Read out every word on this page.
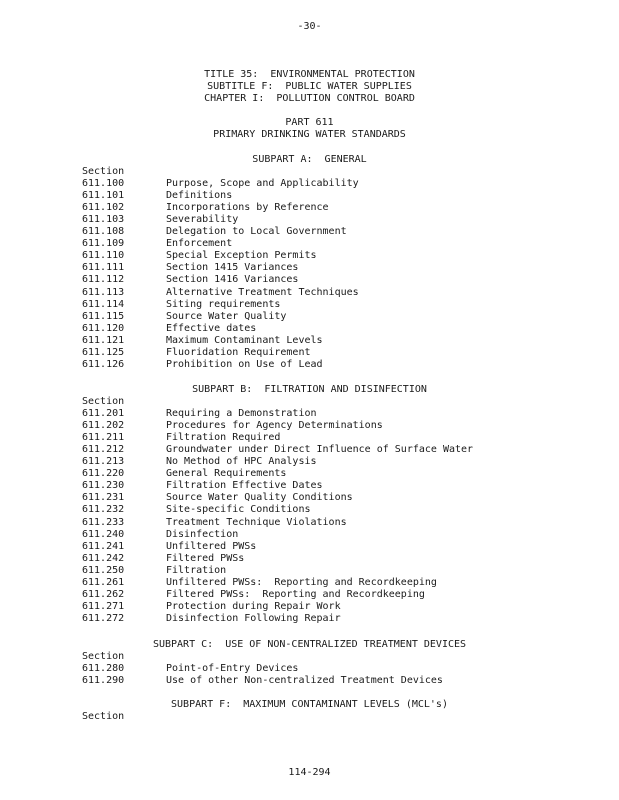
-30-
TITLE 35:  ENVIRONMENTAL PROTECTION
SUBTITLE F:  PUBLIC WATER SUPPLIES
CHAPTER I:  POLLUTION CONTROL BOARD
PART 611
PRIMARY DRINKING WATER STANDARDS
SUBPART A:  GENERAL
Section
611.100	Purpose, Scope and Applicability
611.101	Definitions
611.102	Incorporations by Reference
611.103	Severability
611.108	Delegation to Local Government
611.109	Enforcement
611.110	Special Exception Permits
611.111	Section 1415 Variances
611.112	Section 1416 Variances
611.113	Alternative Treatment Techniques
611.114	Siting requirements
611.115	Source Water Quality
611.120	Effective dates
611.121	Maximum Contaminant Levels
611.125	Fluoridation Requirement
611.126	Prohibition on Use of Lead
SUBPART B:  FILTRATION AND DISINFECTION
Section
611.201	Requiring a Demonstration
611.202	Procedures for Agency Determinations
611.211	Filtration Required
611.212	Groundwater under Direct Influence of Surface Water
611.213	No Method of HPC Analysis
611.220	General Requirements
611.230	Filtration Effective Dates
611.231	Source Water Quality Conditions
611.232	Site-specific Conditions
611.233	Treatment Technique Violations
611.240	Disinfection
611.241	Unfiltered PWSs
611.242	Filtered PWSs
611.250	Filtration
611.261	Unfiltered PWSs:  Reporting and Recordkeeping
611.262	Filtered PWSs:  Reporting and Recordkeeping
611.271	Protection during Repair Work
611.272	Disinfection Following Repair
SUBPART C:  USE OF NON-CENTRALIZED TREATMENT DEVICES
Section
611.280	Point-of-Entry Devices
611.290	Use of other Non-centralized Treatment Devices
SUBPART F:  MAXIMUM CONTAMINANT LEVELS (MCL's)
Section
114-294
